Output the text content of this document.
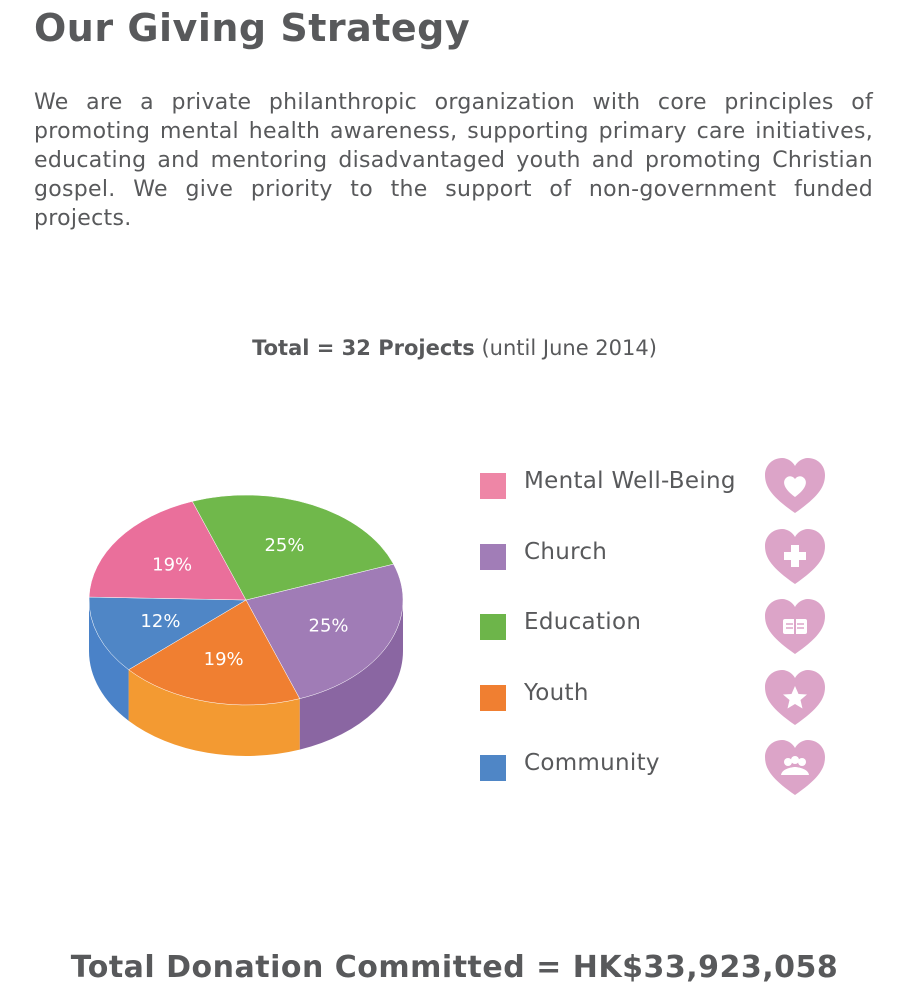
Our Giving Strategy
We are a private philanthropic organization with core principles of promoting mental health awareness, supporting primary care initiatives, educating and mentoring disadvantaged youth and promoting Christian gospel. We give priority to the support of non-government funded projects.
Total = 32 Projects (until June 2014)
25%
19%
12%
19%
25%
Mental Well-Being
Church
Education
Youth
Community
Total Donation Committed = HK$33,923,058
